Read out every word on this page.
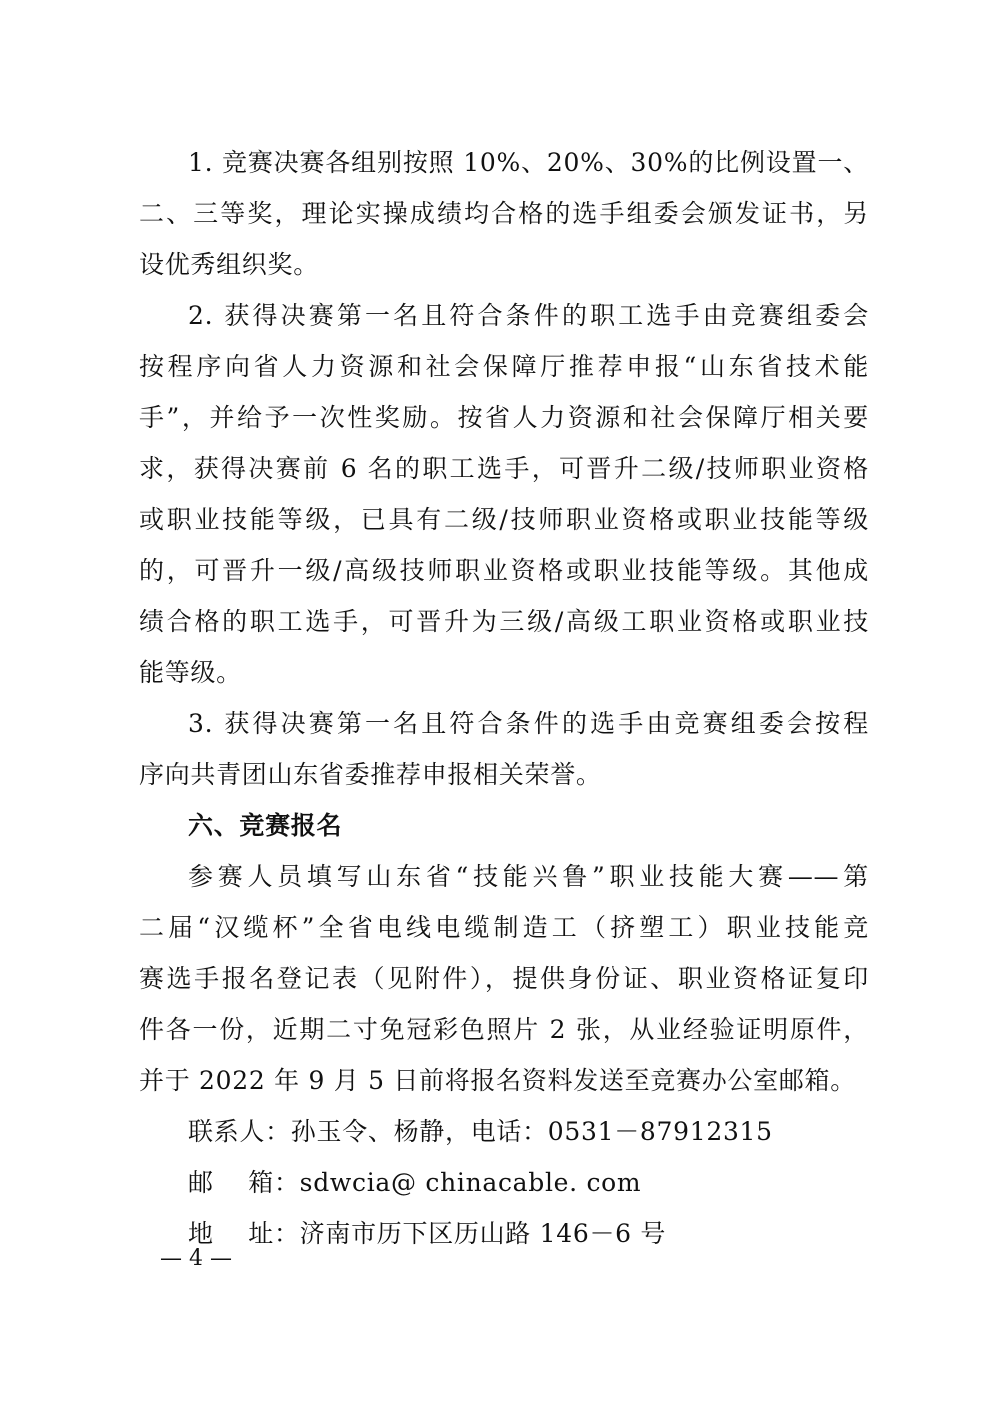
1. 竞赛决赛各组别按照 10%、20%、30%的比例设置一、
二、三等奖，理论实操成绩均合格的选手组委会颁发证书，另
设优秀组织奖。
2. 获得决赛第一名且符合条件的职工选手由竞赛组委会
按程序向省人力资源和社会保障厅推荐申报“山东省技术能
手”，并给予一次性奖励。按省人力资源和社会保障厅相关要
求，获得决赛前 6 名的职工选手，可晋升二级/技师职业资格
或职业技能等级，已具有二级/技师职业资格或职业技能等级
的，可晋升一级/高级技师职业资格或职业技能等级。其他成
绩合格的职工选手，可晋升为三级/高级工职业资格或职业技
能等级。
3. 获得决赛第一名且符合条件的选手由竞赛组委会按程
序向共青团山东省委推荐申报相关荣誉。
六、竞赛报名
参赛人员填写山东省“技能兴鲁”职业技能大赛——第
二届“汉缆杯”全省电线电缆制造工（挤塑工）职业技能竞
赛选手报名登记表（见附件），提供身份证、职业资格证复印
件各一份，近期二寸免冠彩色照片 2 张，从业经验证明原件，
并于 2022 年 9 月 5 日前将报名资料发送至竞赛办公室邮箱。
联系人：孙玉令、杨静，电话：0531－87912315
邮    箱：sdwcia@ chinacable. com
地    址：济南市历下区历山路 146－6 号
— 4 —
